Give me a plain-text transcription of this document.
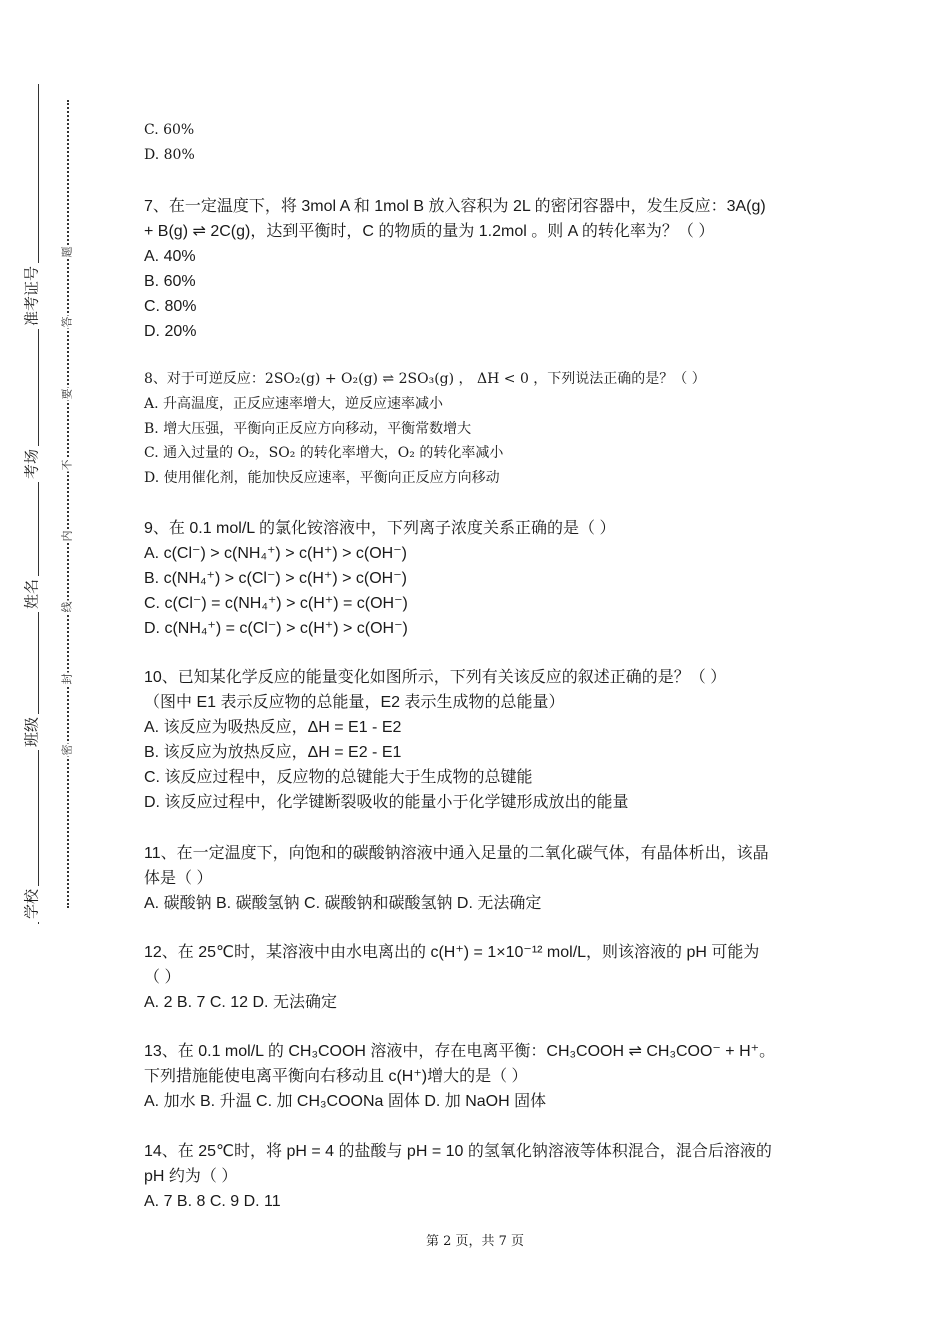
准考证号
考场
姓名
班级
学校
题
答
要
不
内
线
封
密
C. 60%
D. 80%
7、在一定温度下，将 3mol A 和 1mol B 放入容积为 2L 的密闭容器中，发生反应：3A(g)
+ B(g) ⇌ 2C(g)，达到平衡时，C 的物质的量为 1.2mol 。则 A 的转化率为？（ ）
A. 40%
B. 60%
C. 80%
D. 20%
8、对于可逆反应：2SO₂(g) + O₂(g) ⇌ 2SO₃(g) ， ΔH < 0 ，下列说法正确的是？（ ）
A. 升高温度，正反应速率增大，逆反应速率减小
B. 增大压强，平衡向正反应方向移动，平衡常数增大
C. 通入过量的 O₂，SO₂ 的转化率增大，O₂ 的转化率减小
D. 使用催化剂，能加快反应速率，平衡向正反应方向移动
9、在 0.1 mol/L 的氯化铵溶液中，下列离子浓度关系正确的是（ ）
A. c(Cl⁻) > c(NH₄⁺) > c(H⁺) > c(OH⁻)
B. c(NH₄⁺) > c(Cl⁻) > c(H⁺) > c(OH⁻)
C. c(Cl⁻) = c(NH₄⁺) > c(H⁺) = c(OH⁻)
D. c(NH₄⁺) = c(Cl⁻) > c(H⁺) > c(OH⁻)
10、已知某化学反应的能量变化如图所示，下列有关该反应的叙述正确的是？（ ）
（图中 E1 表示反应物的总能量，E2 表示生成物的总能量）
A. 该反应为吸热反应，ΔH = E1 - E2
B. 该反应为放热反应，ΔH = E2 - E1
C. 该反应过程中，反应物的总键能大于生成物的总键能
D. 该反应过程中，化学键断裂吸收的能量小于化学键形成放出的能量
11、在一定温度下，向饱和的碳酸钠溶液中通入足量的二氧化碳气体，有晶体析出，该晶
体是（ ）
A. 碳酸钠 B. 碳酸氢钠 C. 碳酸钠和碳酸氢钠 D. 无法确定
12、在 25℃时，某溶液中由水电离出的 c(H⁺) = 1×10⁻¹² mol/L，则该溶液的 pH 可能为
（ ）
A. 2 B. 7 C. 12 D. 无法确定
13、在 0.1 mol/L 的 CH₃COOH 溶液中，存在电离平衡：CH₃COOH ⇌ CH₃COO⁻ + H⁺。
下列措施能使电离平衡向右移动且 c(H⁺)增大的是（ ）
A. 加水 B. 升温 C. 加 CH₃COONa 固体 D. 加 NaOH 固体
14、在 25℃时，将 pH = 4 的盐酸与 pH = 10 的氢氧化钠溶液等体积混合，混合后溶液的
pH 约为（ ）
A. 7 B. 8 C. 9 D. 11
第 2 页，共 7 页
